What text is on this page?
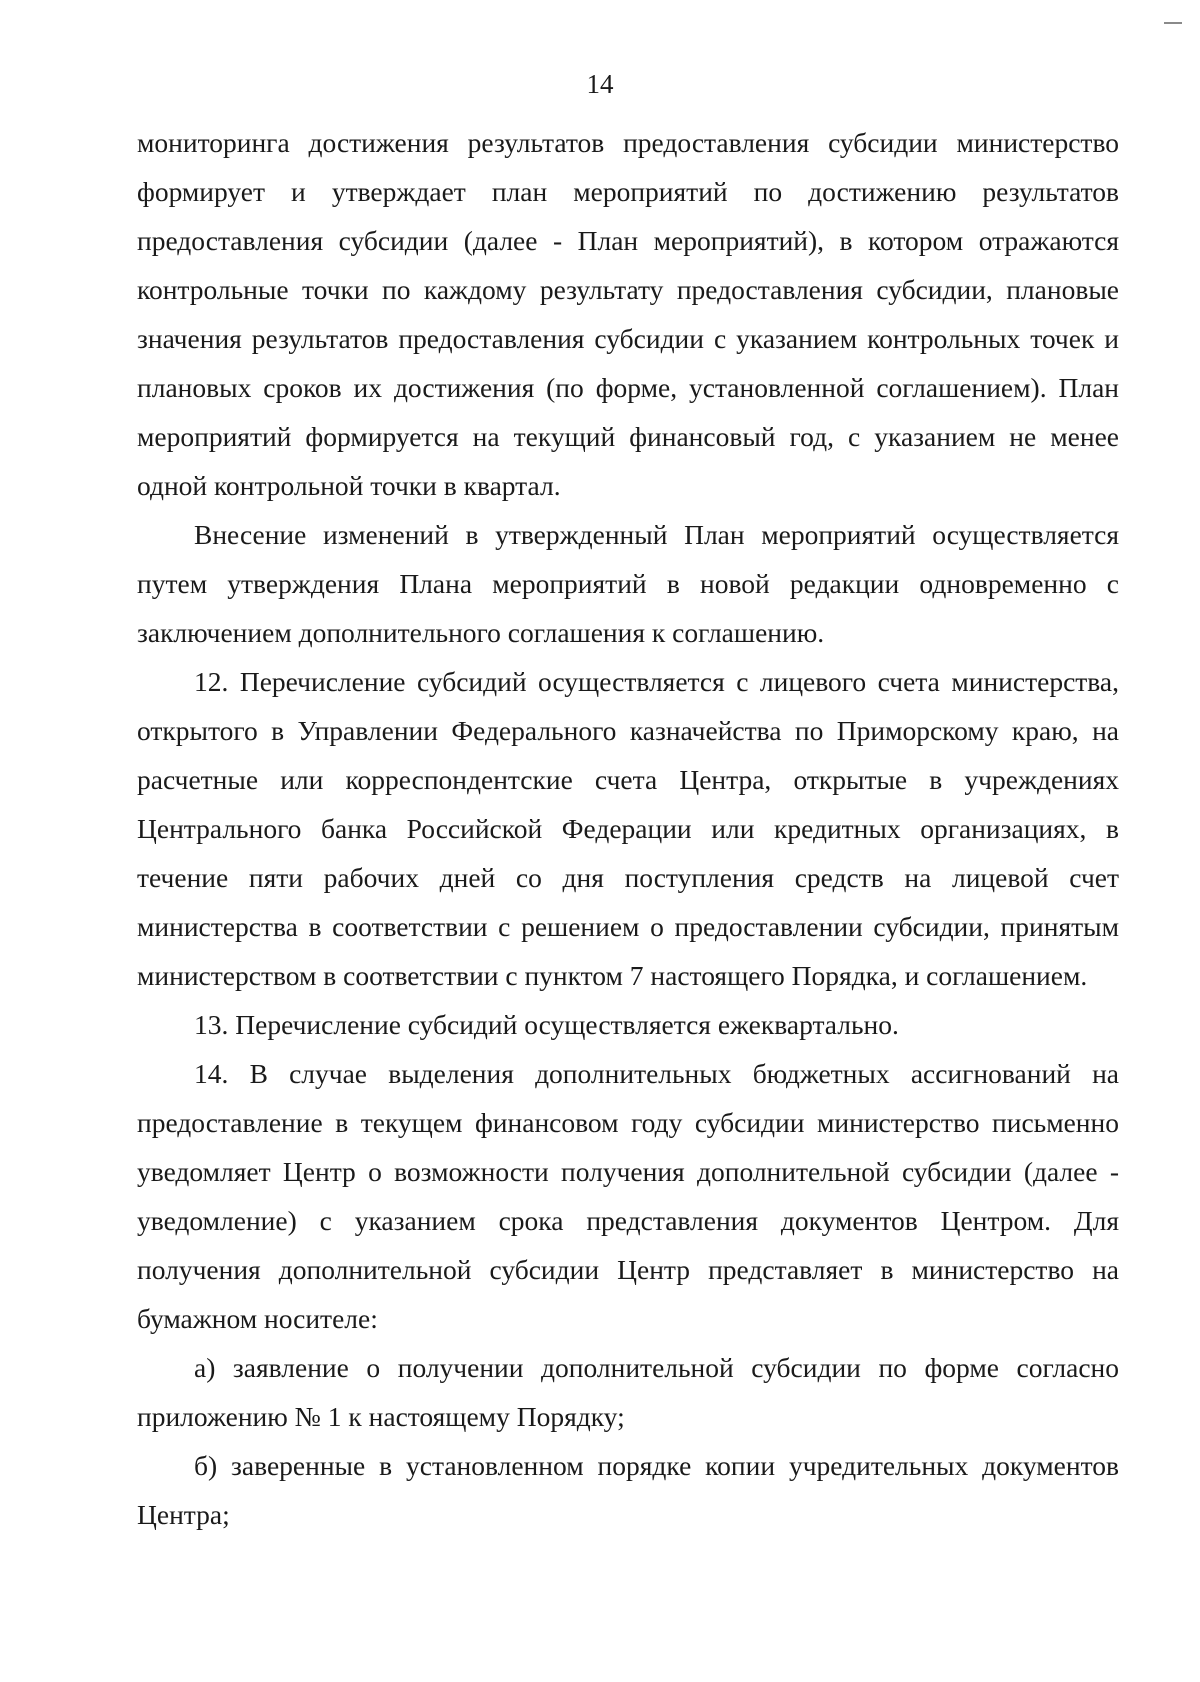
14

мониторинга достижения результатов предоставления субсидии министерство формирует и утверждает план мероприятий по достижению результатов предоставления субсидии (далее - План мероприятий), в котором отражаются контрольные точки по каждому результату предоставления субсидии, плановые значения результатов предоставления субсидии с указанием контрольных точек и плановых сроков их достижения (по форме, установленной соглашением). План мероприятий формируется на текущий финансовый год, с указанием не менее одной контрольной точки в квартал.

Внесение изменений в утвержденный План мероприятий осуществляется путем утверждения Плана мероприятий в новой редакции одновременно с заключением дополнительного соглашения к соглашению.

12. Перечисление субсидий осуществляется с лицевого счета министерства, открытого в Управлении Федерального казначейства по Приморскому краю, на расчетные или корреспондентские счета Центра, открытые в учреждениях Центрального банка Российской Федерации или кредитных организациях, в течение пяти рабочих дней со дня поступления средств на лицевой счет министерства в соответствии с решением о предоставлении субсидии, принятым министерством в соответствии с пунктом 7 настоящего Порядка, и соглашением.

13. Перечисление субсидий осуществляется ежеквартально.

14. В случае выделения дополнительных бюджетных ассигнований на предоставление в текущем финансовом году субсидии министерство письменно уведомляет Центр о возможности получения дополнительной субсидии (далее - уведомление) с указанием срока представления документов Центром. Для получения дополнительной субсидии Центр представляет в министерство на бумажном носителе:

а) заявление о получении дополнительной субсидии по форме согласно приложению № 1 к настоящему Порядку;

б) заверенные в установленном порядке копии учредительных документов Центра;
